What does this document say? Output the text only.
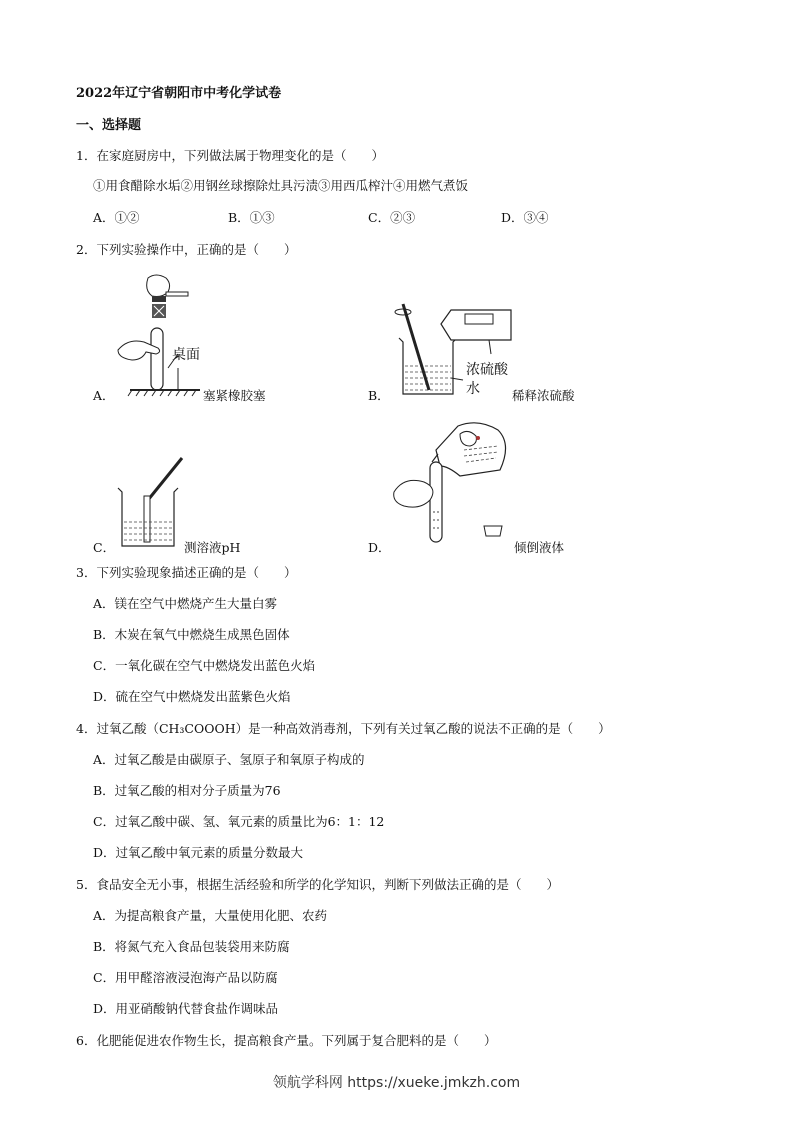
2022年辽宁省朝阳市中考化学试卷
一、选择题
1．在家庭厨房中，下列做法属于物理变化的是（　　）
①用食醋除水垢②用钢丝球擦除灶具污渍③用西瓜榨汁④用燃气煮饭
A．①②	B．①③	C．②③	D．③④
2．下列实验操作中，正确的是（　　）
桌面
A．	塞紧橡胶塞
浓硫酸
水
B．	稀释浓硫酸
C．	测溶液pH	D．	倾倒液体
3．下列实验现象描述正确的是（　　）
A．镁在空气中燃烧产生大量白雾
B．木炭在氧气中燃烧生成黑色固体
C．一氧化碳在空气中燃烧发出蓝色火焰
D．硫在空气中燃烧发出蓝紫色火焰
4．过氧乙酸（CH₃COOOH）是一种高效消毒剂，下列有关过氧乙酸的说法不正确的是（　　）
A．过氧乙酸是由碳原子、氢原子和氧原子构成的
B．过氧乙酸的相对分子质量为76
C．过氧乙酸中碳、氢、氧元素的质量比为6：1：12
D．过氧乙酸中氧元素的质量分数最大
5．食品安全无小事，根据生活经验和所学的化学知识，判断下列做法正确的是（　　）
A．为提高粮食产量，大量使用化肥、农药
B．将氮气充入食品包装袋用来防腐
C．用甲醛溶液浸泡海产品以防腐
D．用亚硝酸钠代替食盐作调味品
6．化肥能促进农作物生长，提高粮食产量。下列属于复合肥料的是（　　）
领航学科网 https://xueke.jmkzh.com
